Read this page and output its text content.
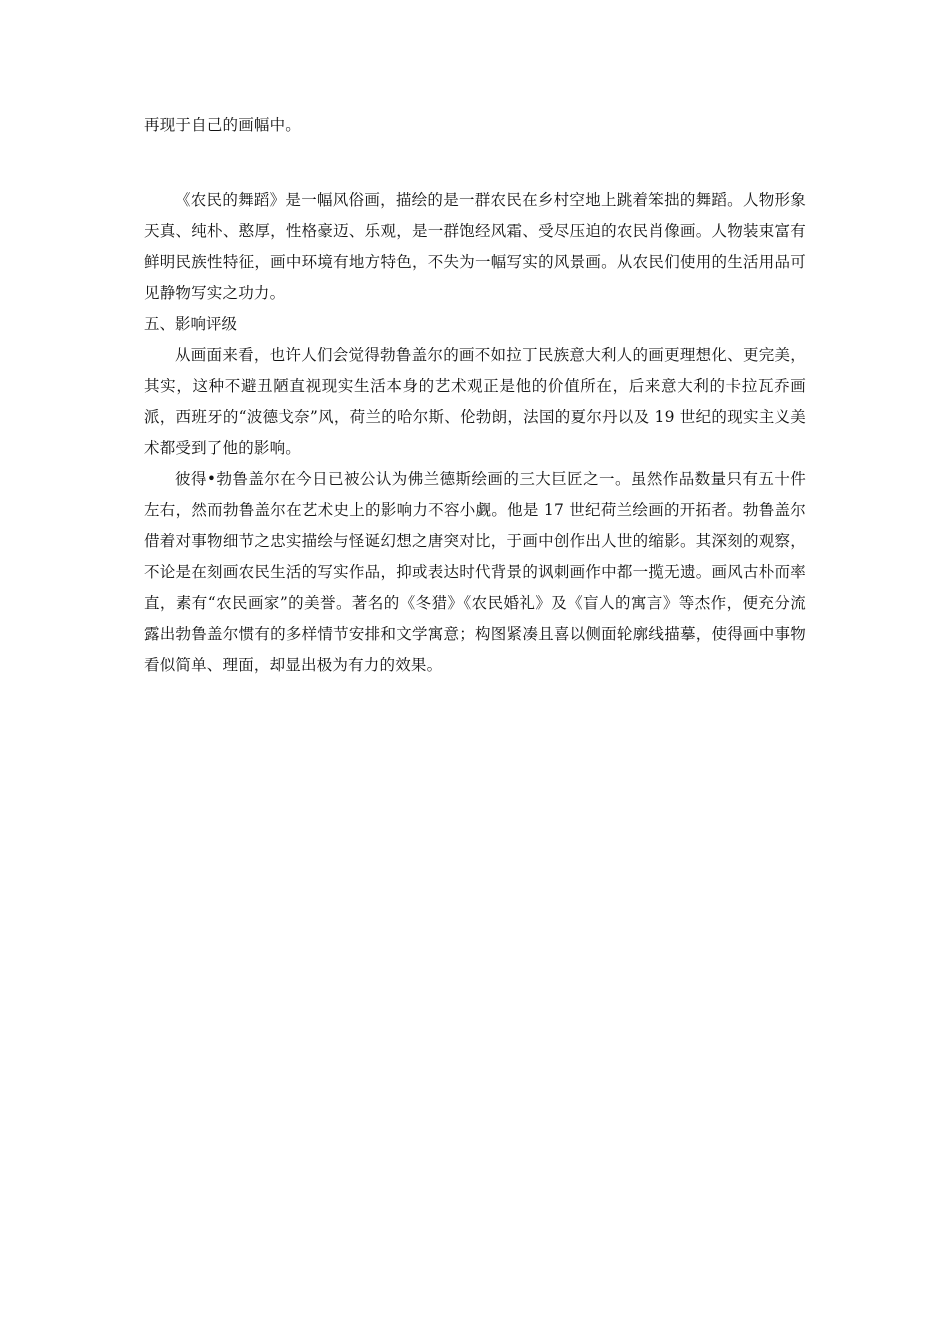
再现于自己的画幅中。

《农民的舞蹈》是一幅风俗画，描绘的是一群农民在乡村空地上跳着笨拙的舞蹈。人物形象天真、纯朴、憨厚，性格豪迈、乐观，是一群饱经风霜、受尽压迫的农民肖像画。人物装束富有鲜明民族性特征，画中环境有地方特色，不失为一幅写实的风景画。从农民们使用的生活用品可见静物写实之功力。

五、影响评级

从画面来看，也许人们会觉得勃鲁盖尔的画不如拉丁民族意大利人的画更理想化、更完美，其实，这种不避丑陋直视现实生活本身的艺术观正是他的价值所在，后来意大利的卡拉瓦乔画派，西班牙的“波德戈奈”风，荷兰的哈尔斯、伦勃朗，法国的夏尔丹以及 19 世纪的现实主义美术都受到了他的影响。

彼得•勃鲁盖尔在今日已被公认为佛兰德斯绘画的三大巨匠之一。虽然作品数量只有五十件左右，然而勃鲁盖尔在艺术史上的影响力不容小觑。他是 17 世纪荷兰绘画的开拓者。勃鲁盖尔借着对事物细节之忠实描绘与怪诞幻想之唐突对比，于画中创作出人世的缩影。其深刻的观察，不论是在刻画农民生活的写实作品，抑或表达时代背景的讽刺画作中都一揽无遗。画风古朴而率直，素有“农民画家”的美誉。著名的《冬猎》《农民婚礼》及《盲人的寓言》等杰作，便充分流露出勃鲁盖尔惯有的多样情节安排和文学寓意；构图紧凑且喜以侧面轮廓线描摹，使得画中事物看似简单、理面，却显出极为有力的效果。
